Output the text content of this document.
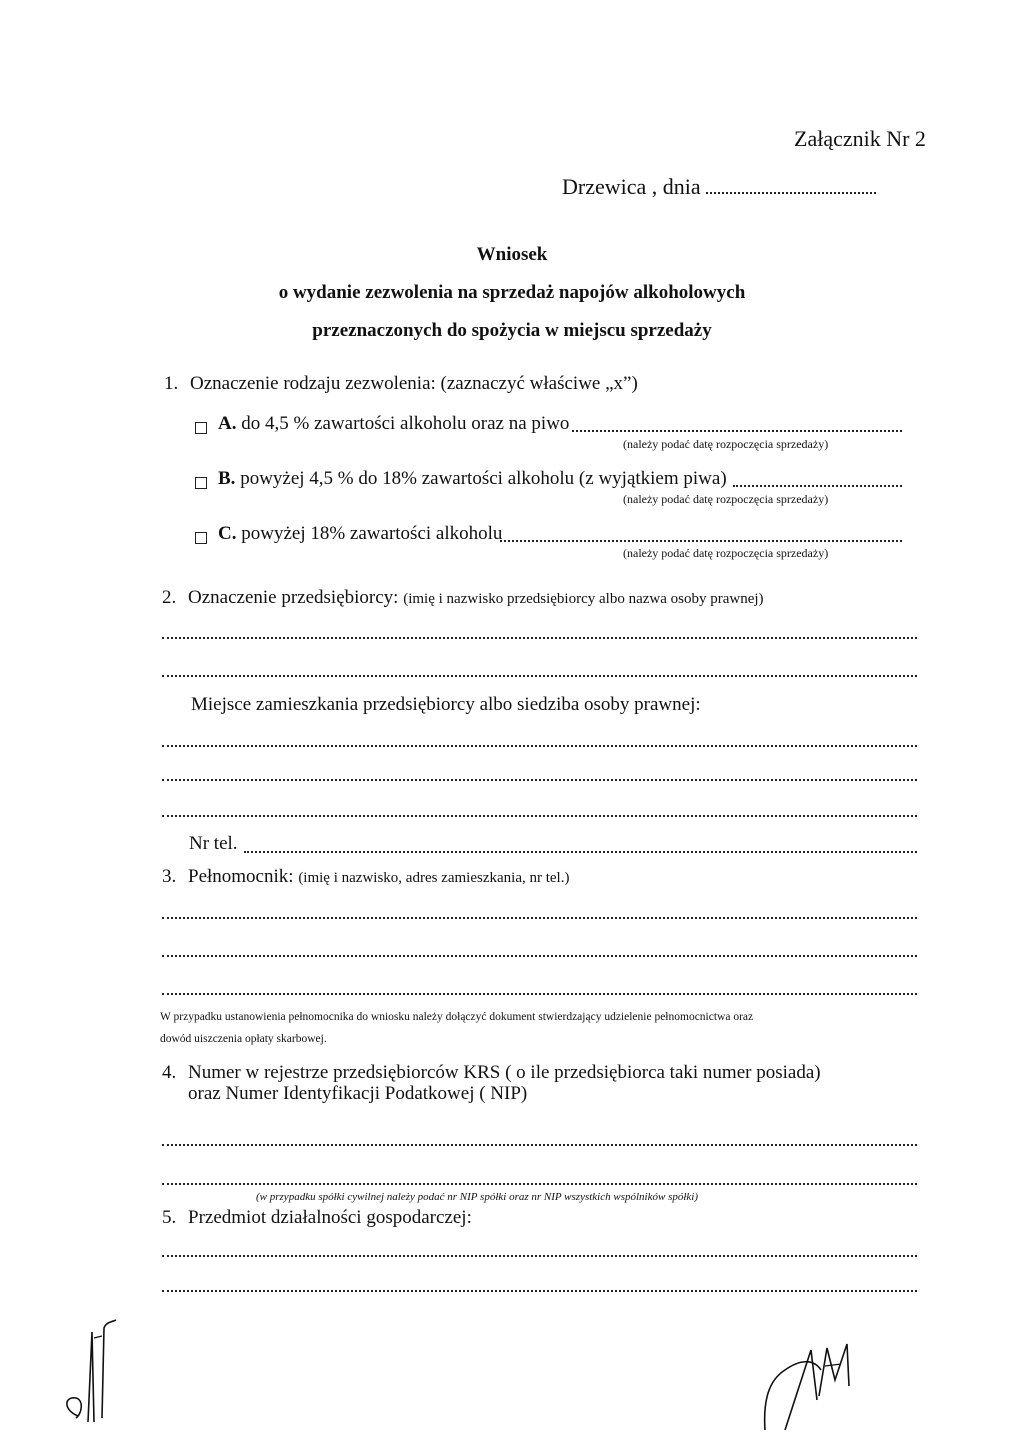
Załącznik Nr 2
Drzewica , dnia
Wniosek
o wydanie zezwolenia na sprzedaż napojów alkoholowych
przeznaczonych do spożycia w miejscu sprzedaży
1. Oznaczenie rodzaju zezwolenia: (zaznaczyć właściwe „x”)
A. do 4,5 % zawartości alkoholu oraz na piwo
(należy podać datę rozpoczęcia sprzedaży)
B. powyżej 4,5 % do 18% zawartości alkoholu (z wyjątkiem piwa)
(należy podać datę rozpoczęcia sprzedaży)
C. powyżej 18% zawartości alkoholu
(należy podać datę rozpoczęcia sprzedaży)
2. Oznaczenie przedsiębiorcy: (imię i nazwisko przedsiębiorcy albo nazwa osoby prawnej)
Miejsce zamieszkania przedsiębiorcy albo siedziba osoby prawnej:
Nr tel.
3. Pełnomocnik: (imię i nazwisko, adres zamieszkania, nr tel.)
W przypadku ustanowienia pełnomocnika do wniosku należy dołączyć dokument stwierdzający udzielenie pełnomocnictwa oraz
dowód uiszczenia opłaty skarbowej.
4. Numer w rejestrze przedsiębiorców KRS ( o ile przedsiębiorca taki numer posiada)
oraz Numer Identyfikacji Podatkowej ( NIP)
(w przypadku spółki cywilnej należy podać nr NIP spółki oraz nr NIP wszystkich wspólników spółki)
5. Przedmiot działalności gospodarczej:
